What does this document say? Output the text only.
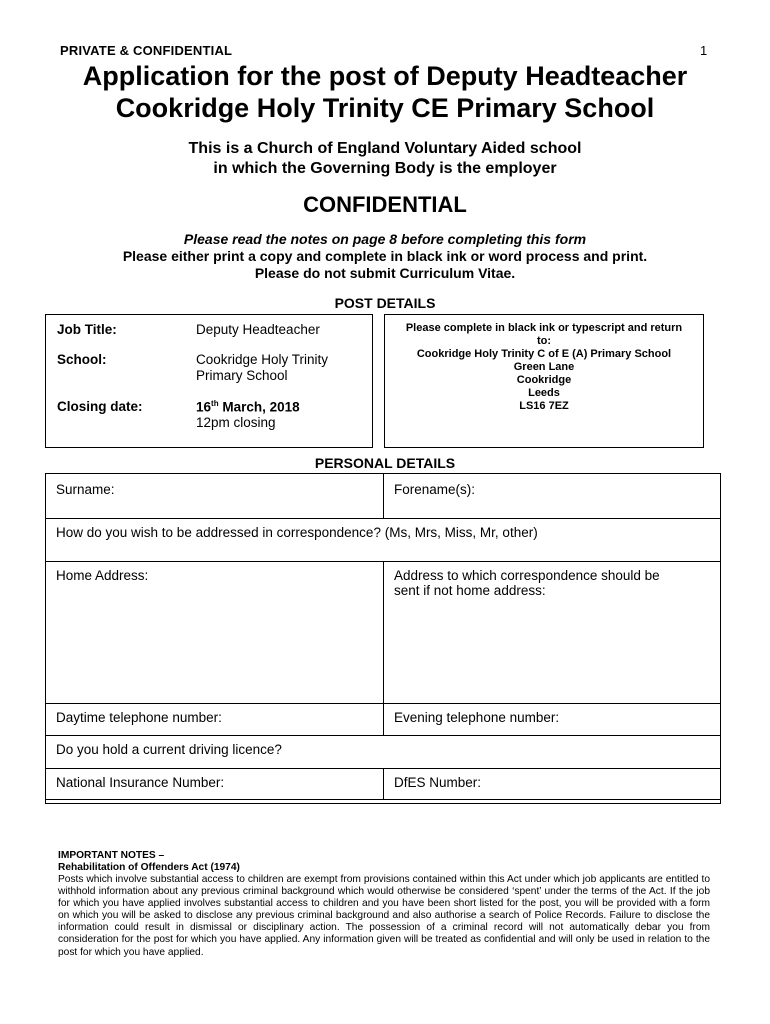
PRIVATE & CONFIDENTIAL	1
Application for the post of Deputy Headteacher
Cookridge Holy Trinity CE Primary School
This is a Church of England Voluntary Aided school
in which the Governing Body is the employer
CONFIDENTIAL
Please read the notes on page 8 before completing this form
Please either print a copy and complete in black ink or word process and print.
Please do not submit Curriculum Vitae.
POST DETAILS
Job Title:	Deputy Headteacher
School:	Cookridge Holy Trinity
Primary School
Closing date:	16th March, 2018
12pm closing
Please complete in black ink or typescript and return
to:
Cookridge Holy Trinity C of E (A) Primary School
Green Lane
Cookridge
Leeds
LS16 7EZ
PERSONAL DETAILS
Surname:	Forename(s):
How do you wish to be addressed in correspondence? (Ms, Mrs, Miss, Mr, other)
Home Address:	Address to which correspondence should be
sent if not home address:
Daytime telephone number:	Evening telephone number:
Do you hold a current driving licence?
National Insurance Number:	DfES Number:
IMPORTANT NOTES –
Rehabilitation of Offenders Act (1974)
Posts which involve substantial access to children are exempt from provisions contained within this Act under which job applicants are entitled to withhold information about any previous criminal background which would otherwise be considered ‘spent’ under the terms of the Act. If the job for which you have applied involves substantial access to children and you have been short listed for the post, you will be provided with a form on which you will be asked to disclose any previous criminal background and also authorise a search of Police Records. Failure to disclose the information could result in dismissal or disciplinary action. The possession of a criminal record will not automatically debar you from consideration for the post for which you have applied. Any information given will be treated as confidential and will only be used in relation to the post for which you have applied.
